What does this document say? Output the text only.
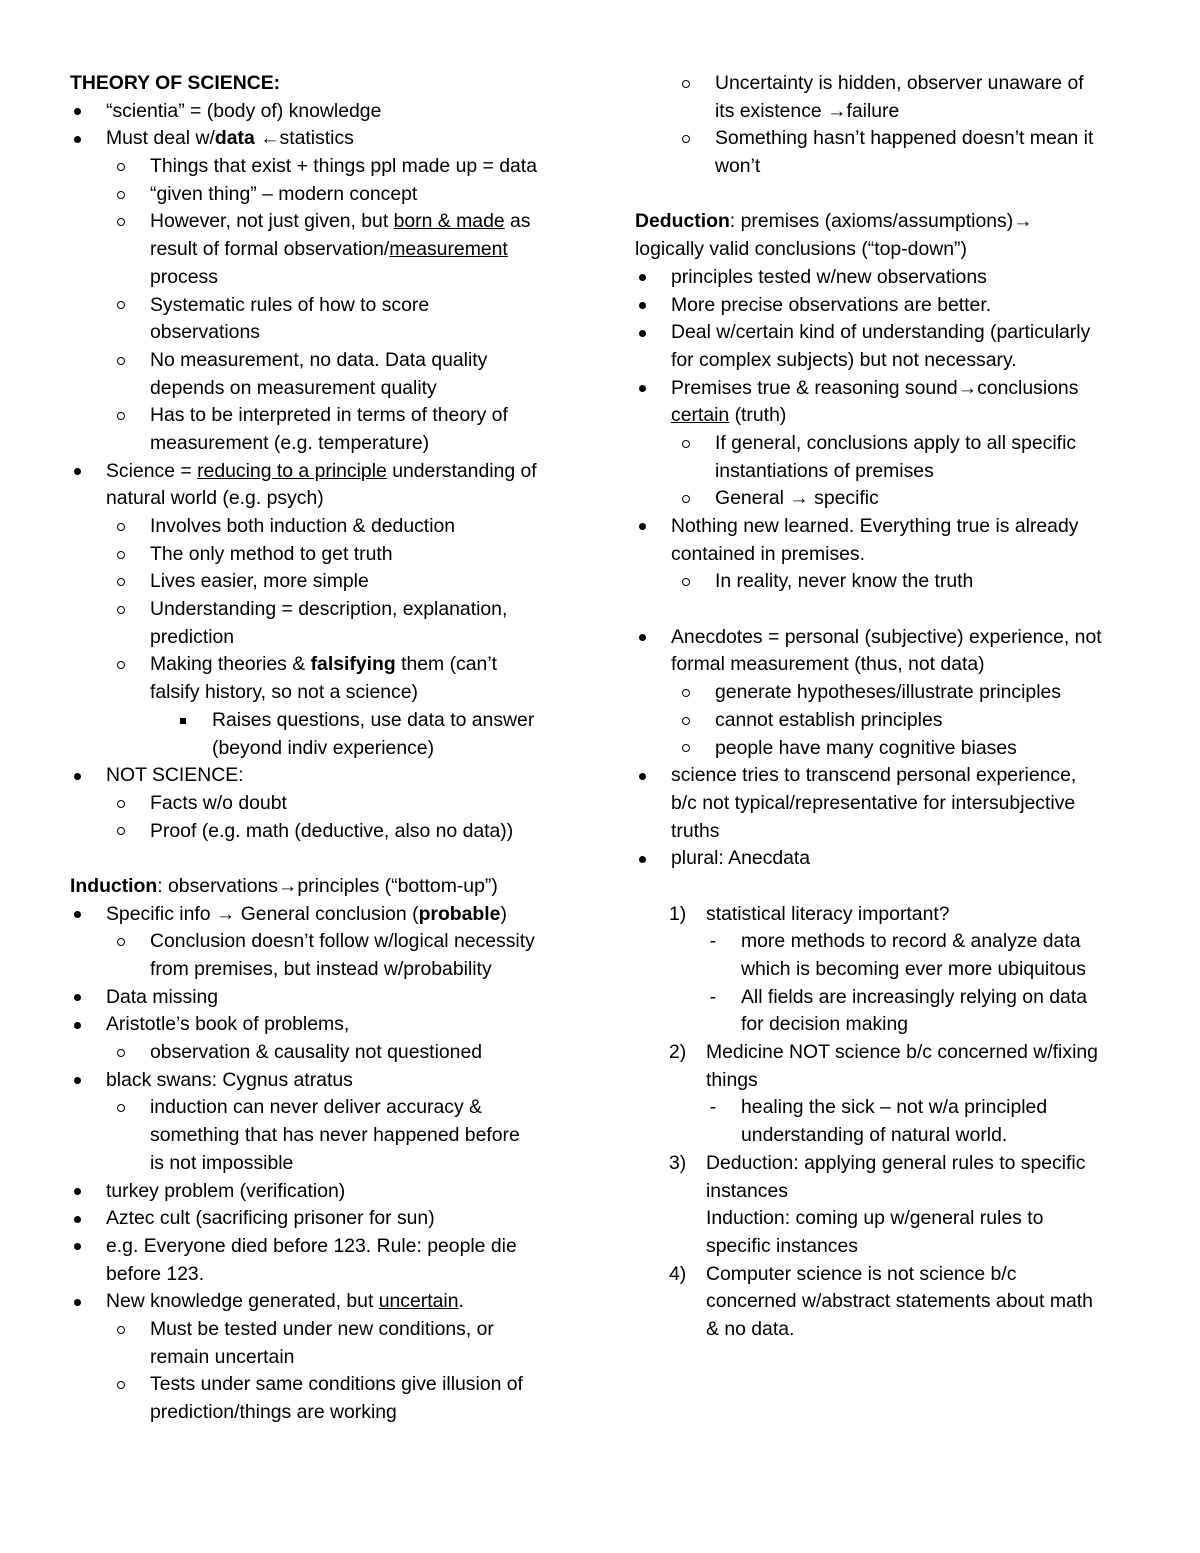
THEORY OF SCIENCE:
“scientia” = (body of) knowledge
Must deal w/data ←statistics
Things that exist + things ppl made up = data
“given thing” – modern concept
However, not just given, but born & made as
result of formal observation/measurement
process
Systematic rules of how to score
observations
No measurement, no data. Data quality
depends on measurement quality
Has to be interpreted in terms of theory of
measurement (e.g. temperature)
Science = reducing to a principle understanding of
natural world (e.g. psych)
Involves both induction & deduction
The only method to get truth
Lives easier, more simple
Understanding = description, explanation,
prediction
Making theories & falsifying them (can’t
falsify history, so not a science)
Raises questions, use data to answer
(beyond indiv experience)
NOT SCIENCE:
Facts w/o doubt
Proof (e.g. math (deductive, also no data))
Induction: observations→principles (“bottom-up”)
Specific info → General conclusion (probable)
Conclusion doesn’t follow w/logical necessity
from premises, but instead w/probability
Data missing
Aristotle’s book of problems,
observation & causality not questioned
black swans: Cygnus atratus
induction can never deliver accuracy &
something that has never happened before
is not impossible
turkey problem (verification)
Aztec cult (sacrificing prisoner for sun)
e.g. Everyone died before 123. Rule: people die
before 123.
New knowledge generated, but uncertain.
Must be tested under new conditions, or
remain uncertain
Tests under same conditions give illusion of
prediction/things are working
Uncertainty is hidden, observer unaware of
its existence →failure
Something hasn’t happened doesn’t mean it
won’t
Deduction: premises (axioms/assumptions)→
logically valid conclusions (“top-down”)
principles tested w/new observations
More precise observations are better.
Deal w/certain kind of understanding (particularly
for complex subjects) but not necessary.
Premises true & reasoning sound→conclusions
certain (truth)
If general, conclusions apply to all specific
instantiations of premises
General → specific
Nothing new learned. Everything true is already
contained in premises.
In reality, never know the truth
Anecdotes = personal (subjective) experience, not
formal measurement (thus, not data)
generate hypotheses/illustrate principles
cannot establish principles
people have many cognitive biases
science tries to transcend personal experience,
b/c not typical/representative for intersubjective
truths
plural: Anecdata
1) statistical literacy important?
- more methods to record & analyze data
which is becoming ever more ubiquitous
- All fields are increasingly relying on data
for decision making
2) Medicine NOT science b/c concerned w/fixing
things
- healing the sick – not w/a principled
understanding of natural world.
3) Deduction: applying general rules to specific
instances
Induction: coming up w/general rules to
specific instances
4) Computer science is not science b/c
concerned w/abstract statements about math
& no data.
